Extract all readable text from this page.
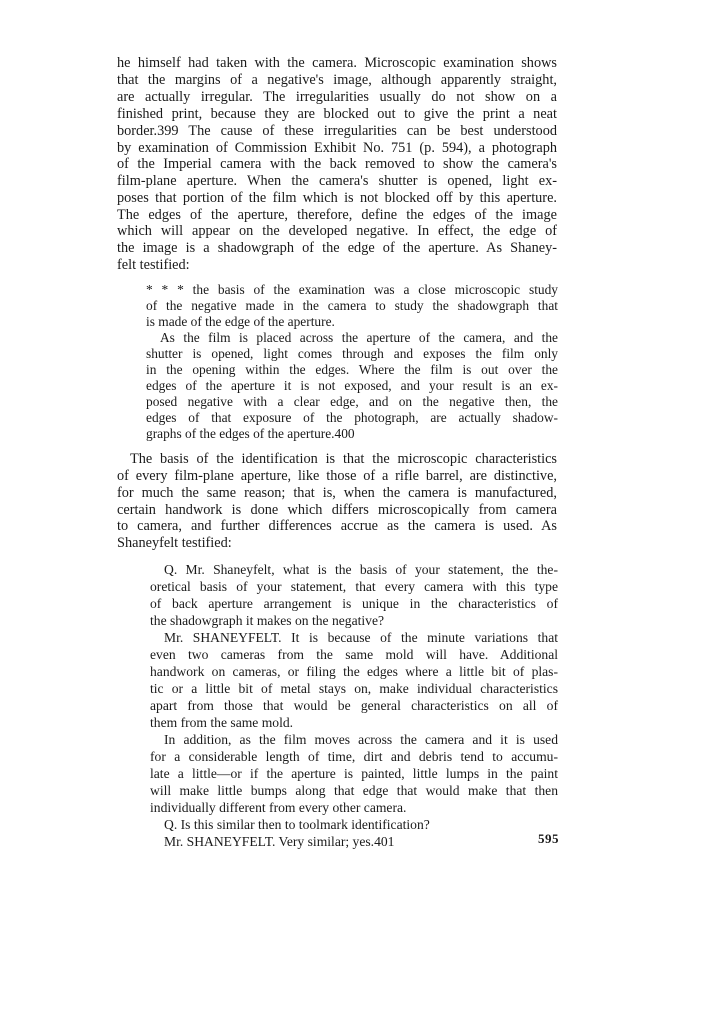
he himself had taken with the camera. Microscopic examination shows
that the margins of a negative's image, although apparently straight,
are actually irregular. The irregularities usually do not show on a
finished print, because they are blocked out to give the print a neat
border.399 The cause of these irregularities can be best understood
by examination of Commission Exhibit No. 751 (p. 594), a photograph
of the Imperial camera with the back removed to show the camera's
film-plane aperture. When the camera's shutter is opened, light ex-
poses that portion of the film which is not blocked off by this aperture.
The edges of the aperture, therefore, define the edges of the image
which will appear on the developed negative. In effect, the edge of
the image is a shadowgraph of the edge of the aperture. As Shaney-
felt testified:
* * * the basis of the examination was a close microscopic study
of the negative made in the camera to study the shadowgraph that
is made of the edge of the aperture.
As the film is placed across the aperture of the camera, and the
shutter is opened, light comes through and exposes the film only
in the opening within the edges. Where the film is out over the
edges of the aperture it is not exposed, and your result is an ex-
posed negative with a clear edge, and on the negative then, the
edges of that exposure of the photograph, are actually shadow-
graphs of the edges of the aperture.400
The basis of the identification is that the microscopic characteristics
of every film-plane aperture, like those of a rifle barrel, are distinctive,
for much the same reason; that is, when the camera is manufactured,
certain handwork is done which differs microscopically from camera
to camera, and further differences accrue as the camera is used. As
Shaneyfelt testified:
Q. Mr. Shaneyfelt, what is the basis of your statement, the the-
oretical basis of your statement, that every camera with this type
of back aperture arrangement is unique in the characteristics of
the shadowgraph it makes on the negative?
Mr. SHANEYFELT. It is because of the minute variations that
even two cameras from the same mold will have. Additional
handwork on cameras, or filing the edges where a little bit of plas-
tic or a little bit of metal stays on, make individual characteristics
apart from those that would be general characteristics on all of
them from the same mold.
In addition, as the film moves across the camera and it is used
for a considerable length of time, dirt and debris tend to accumu-
late a little—or if the aperture is painted, little lumps in the paint
will make little bumps along that edge that would make that then
individually different from every other camera.
Q. Is this similar then to toolmark identification?
Mr. SHANEYFELT. Very similar; yes.401	595
